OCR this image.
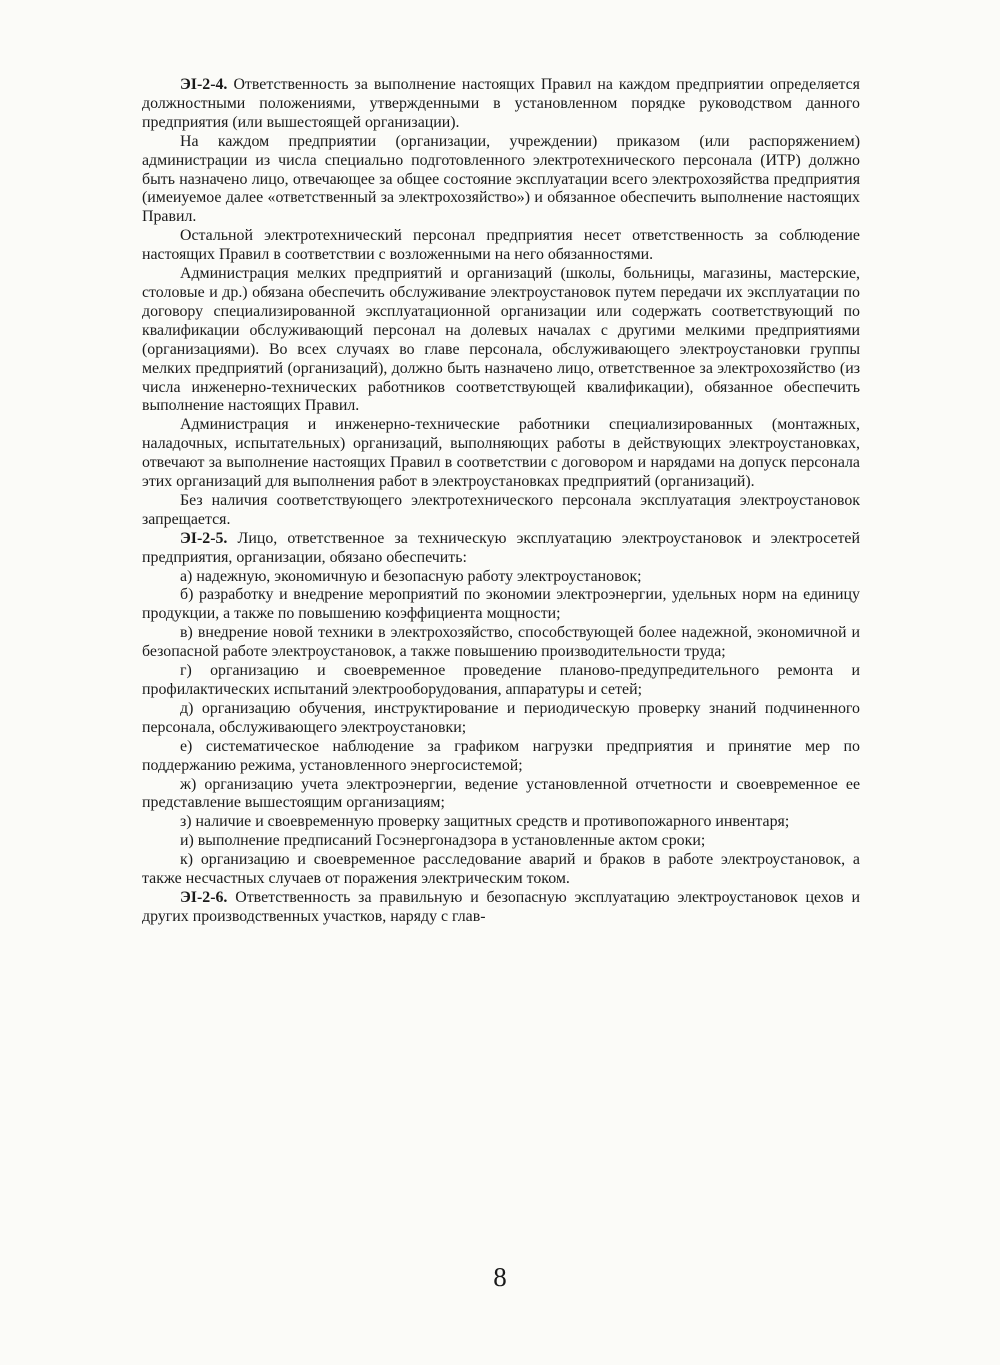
ЭI-2-4. Ответственность за выполнение настоящих Правил на каждом предприятии определяется должностными положениями, утвержденными в установленном порядке руководством данного предприятия (или вышестоящей организации).

На каждом предприятии (организации, учреждении) приказом (или распоряжением) администрации из числа специально подготовленного электротехнического персонала (ИТР) должно быть назначено лицо, отвечающее за общее состояние эксплуатации всего электрохозяйства предприятия (имеиуемое далее «ответственный за электрохозяйство») и обязанное обеспечить выполнение настоящих Правил.

Остальной электротехнический персонал предприятия несет ответственность за соблюдение настоящих Правил в соответствии с возложенными на него обязанностями.

Администрация мелких предприятий и организаций (школы, больницы, магазины, мастерские, столовые и др.) обязана обеспечить обслуживание электроустановок путем передачи их эксплуатации по договору специализированной эксплуатационной организации или содержать соответствующий по квалификации обслуживающий персонал на долевых началах с другими мелкими предприятиями (организациями). Во всех случаях во главе персонала, обслуживающего электроустановки группы мелких предприятий (организаций), должно быть назначено лицо, ответственное за электрохозяйство (из числа инженерно-технических работников соответствующей квалификации), обязанное обеспечить выполнение настоящих Правил.

Администрация и инженерно-технические работники специализированных (монтажных, наладочных, испытательных) организаций, выполняющих работы в действующих электроустановках, отвечают за выполнение настоящих Правил в соответствии с договором и нарядами на допуск персонала этих организаций для выполнения работ в электроустановках предприятий (организаций).

Без наличия соответствующего электротехнического персонала эксплуатация электроустановок запрещается.

ЭI-2-5. Лицо, ответственное за техническую эксплуатацию электроустановок и электросетей предприятия, организации, обязано обеспечить:

а) надежную, экономичную и безопасную работу электроустановок;

б) разработку и внедрение мероприятий по экономии электроэнергии, удельных норм на единицу продукции, а также по повышению коэффициента мощности;

в) внедрение новой техники в электрохозяйство, способствующей более надежной, экономичной и безопасной работе электроустановок, а также повышению производительности труда;

г) организацию и своевременное проведение планово-предупредительного ремонта и профилактических испытаний электрооборудования, аппаратуры и сетей;

д) организацию обучения, инструктирование и периодическую проверку знаний подчиненного персонала, обслуживающего электроустановки;

е) систематическое наблюдение за графиком нагрузки предприятия и принятие мер по поддержанию режима, установленного энергосистемой;

ж) организацию учета электроэнергии, ведение установленной отчетности и своевременное ее представление вышестоящим организациям;

з) наличие и своевременную проверку защитных средств и противопожарного инвентаря;

и) выполнение предписаний Госэнергонадзора в установленные актом сроки;

к) организацию и своевременное расследование аварий и браков в работе электроустановок, а также несчастных случаев от поражения электрическим током.

ЭI-2-6. Ответственность за правильную и безопасную эксплуатацию электроустановок цехов и других производственных участков, наряду с глав-

8
